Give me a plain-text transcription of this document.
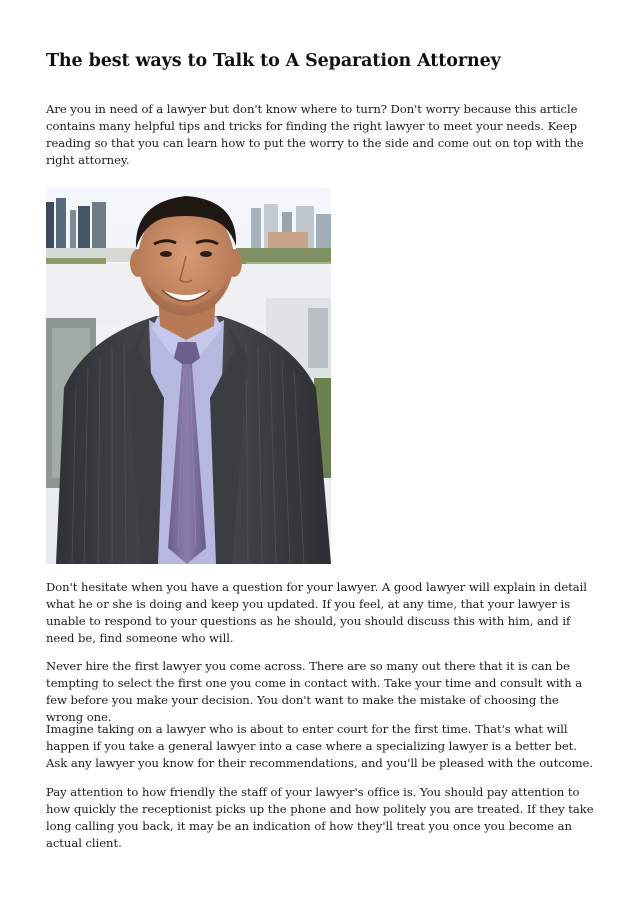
The best ways to Talk to A Separation Attorney

Are you in need of a lawyer but don't know where to turn? Don't worry because this article contains many helpful tips and tricks for finding the right lawyer to meet your needs. Keep reading so that you can learn how to put the worry to the side and come out on top with the right attorney.

Don't hesitate when you have a question for your lawyer. A good lawyer will explain in detail what he or she is doing and keep you updated. If you feel, at any time, that your lawyer is unable to respond to your questions as he should, you should discuss this with him, and if need be, find someone who will.

Never hire the first lawyer you come across. There are so many out there that it is can be tempting to select the first one you come in contact with. Take your time and consult with a few before you make your decision. You don't want to make the mistake of choosing the wrong one.

Imagine taking on a lawyer who is about to enter court for the first time. That's what will happen if you take a general lawyer into a case where a specializing lawyer is a better bet. Ask any lawyer you know for their recommendations, and you'll be pleased with the outcome.

Pay attention to how friendly the staff of your lawyer's office is. You should pay attention to how quickly the receptionist picks up the phone and how politely you are treated. If they take long calling you back, it may be an indication of how they'll treat you once you become an actual client.
